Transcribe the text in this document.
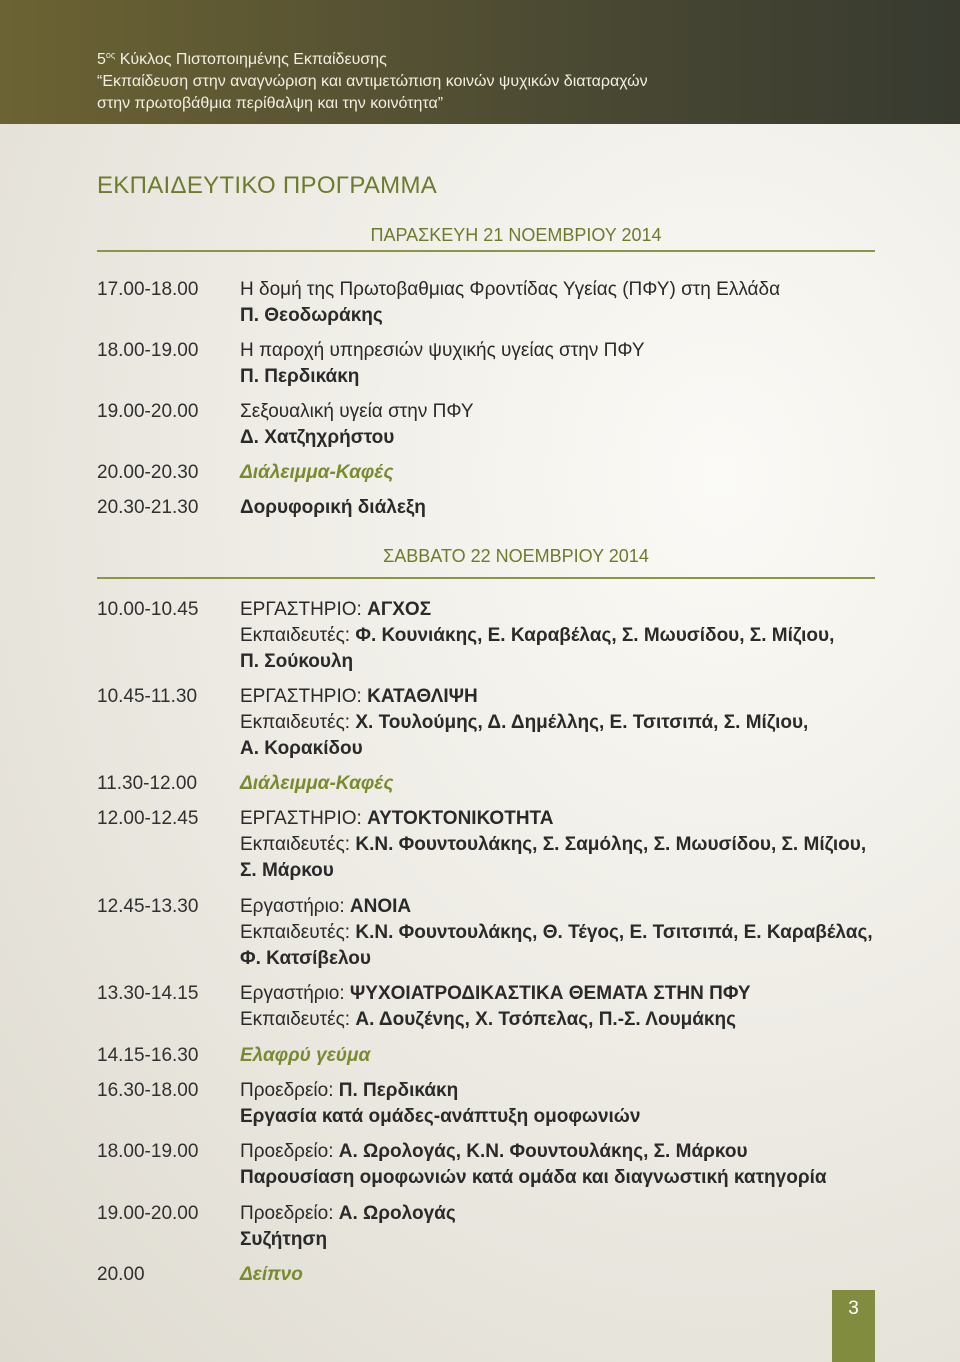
$5^{o\varsigma}$ Κύκλος Πιστοποιημένης Εκπαίδευσης
“Εκπαίδευση στην αναγνώριση και αντιμετώπιση κοινών ψυχικών διαταραχών
στην πρωτοβάθμια περίθαλψη και την κοινότητα”
ΕΚΠΑΙΔΕΥΤΙΚΟ ΠΡΟΓΡΑΜΜΑ
ΠΑΡΑΣΚΕΥΗ 21 ΝΟΕΜΒΡΙΟΥ 2014
17.00-18.00	Η δομή της Πρωτοβαθμιας Φροντίδας Υγείας (ΠΦΥ) στη Ελλάδα
Π. Θεοδωράκης
18.00-19.00	Η παροχή υπηρεσιών ψυχικής υγείας στην ΠΦΥ
Π. Περδικάκη
19.00-20.00	Σεξουαλική υγεία στην ΠΦΥ
Δ. Χατζηχρήστου
20.00-20.30	Διάλειμμα-Καφές
20.30-21.30	Δορυφορική διάλεξη
ΣΑΒΒΑΤΟ 22 ΝΟΕΜΒΡΙΟΥ 2014
10.00-10.45	ΕΡΓΑΣΤΗΡΙΟ: ΑΓΧΟΣ
Εκπαιδευτές: Φ. Κουνιάκης, Ε. Καραβέλας, Σ. Μωυσίδου, Σ. Μίζιου,
Π. Σούκουλη
10.45-11.30	ΕΡΓΑΣΤΗΡΙΟ: ΚΑΤΑΘΛΙΨΗ
Εκπαιδευτές: Χ. Τουλούμης, Δ. Δημέλλης, Ε. Τσιτσιπά, Σ. Μίζιου,
Α. Κορακίδου
11.30-12.00	Διάλειμμα-Καφές
12.00-12.45	ΕΡΓΑΣΤΗΡΙΟ: ΑΥΤΟΚΤΟΝΙΚΟΤΗΤΑ
Εκπαιδευτές: Κ.Ν. Φουντουλάκης, Σ. Σαμόλης, Σ. Μωυσίδου, Σ. Μίζιου,
Σ. Μάρκου
12.45-13.30	Εργαστήριο: ΑΝΟΙΑ
Εκπαιδευτές: Κ.Ν. Φουντουλάκης, Θ. Τέγος, Ε. Τσιτσιπά, Ε. Καραβέλας,
Φ. Κατσίβελου
13.30-14.15	Εργαστήριο: ΨΥΧΟΙΑΤΡΟΔΙΚΑΣΤΙΚΑ ΘΕΜΑΤΑ ΣΤΗΝ ΠΦΥ
Εκπαιδευτές: Α. Δουζένης, Χ. Τσόπελας, Π.-Σ. Λουμάκης
14.15-16.30	Ελαφρύ γεύμα
16.30-18.00	Προεδρείο: Π. Περδικάκη
Εργασία κατά ομάδες-ανάπτυξη ομοφωνιών
18.00-19.00	Προεδρείο: Α. Ωρολογάς, Κ.Ν. Φουντουλάκης, Σ. Μάρκου
Παρουσίαση ομοφωνιών κατά ομάδα και διαγνωστική κατηγορία
19.00-20.00	Προεδρείο: Α. Ωρολογάς
Συζήτηση
20.00	Δείπνο
3
